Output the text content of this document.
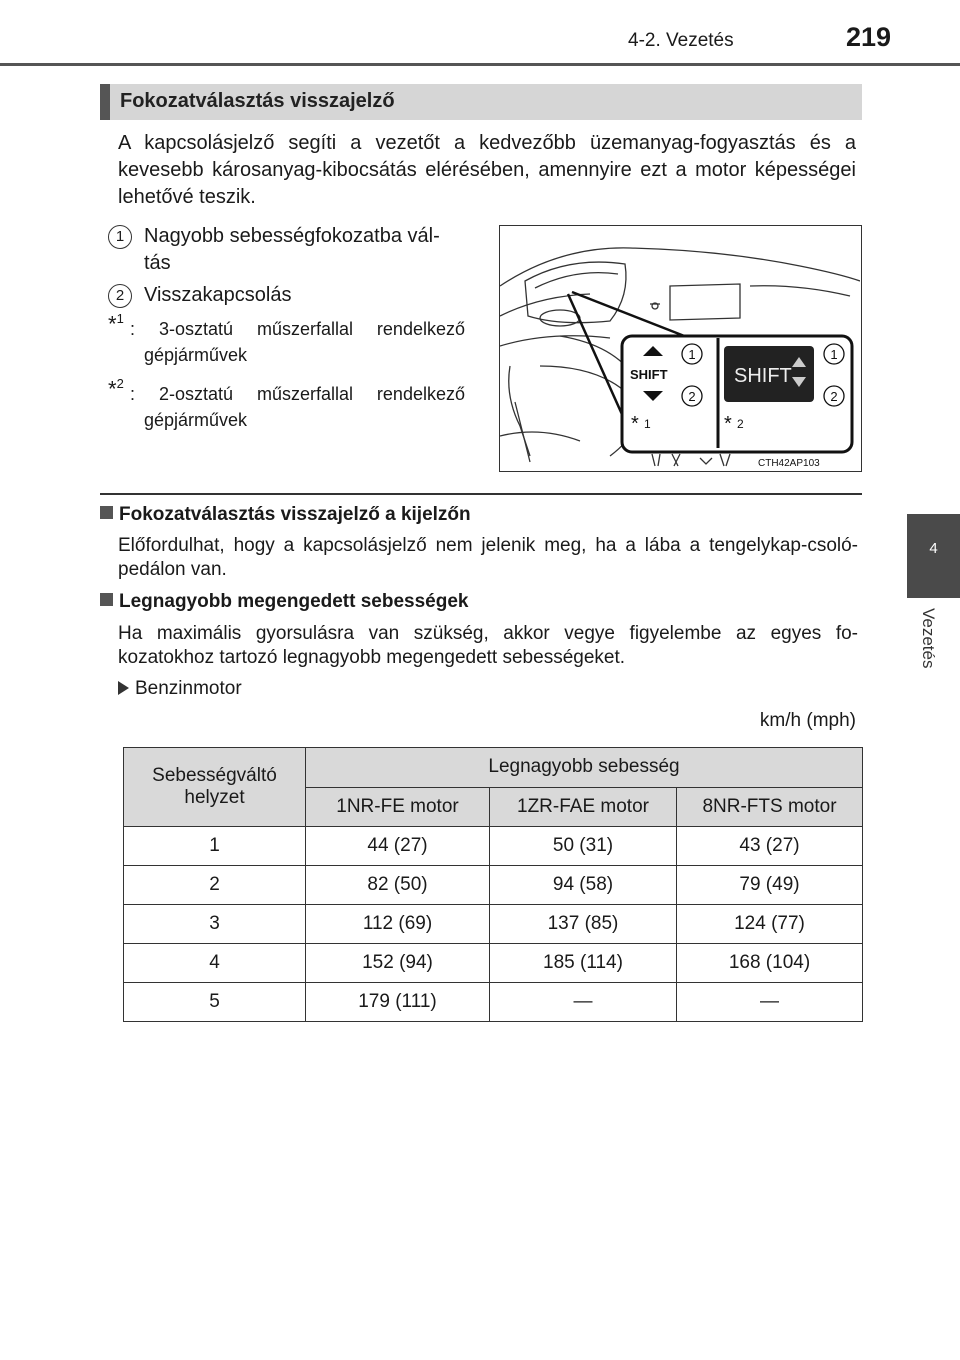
4-2. Vezetés	219
4
Vezetés
Fokozatválasztás visszajelző
A kapcsolásjelző segíti a vezetőt a kedvezőbb üzemanyag-fogyasztás és a kevesebb károsanyag-kibocsátás elérésében, amennyire ezt a motor képességei lehetővé teszik.
1 Nagyobb sebességfokozatba vál-
tás
2 Visszakapcsolás
*$^1$
: 3-osztatú műszerfallal rendelkező
gépjárművek
*$^2$
: 2-osztatú műszerfallal rendelkező
gépjárművek
SHIFT
1
2
* 1
SHIFT
1
2
* 2
CTH42AP103
Fokozatválasztás visszajelző a kijelzőn
Előfordulhat, hogy a kapcsolásjelző nem jelenik meg, ha a lába a tengelykap-csoló-pedálon van.
Legnagyobb megengedett sebességek
Ha maximális gyorsulásra van szükség, akkor vegye figyelembe az egyes fo-kozatokhoz tartozó legnagyobb megengedett sebességeket.
Benzinmotor
km/h (mph)
Sebességváltó helyzet	Legnagyobb sebesség		
	1NR-FE motor	1ZR-FAE motor	8NR-FTS motor
1	44 (27)	50 (31)	43 (27)
2	82 (50)	94 (58)	79 (49)
3	112 (69)	137 (85)	124 (77)
4	152 (94)	185 (114)	168 (104)
5	179 (111)	—	—
